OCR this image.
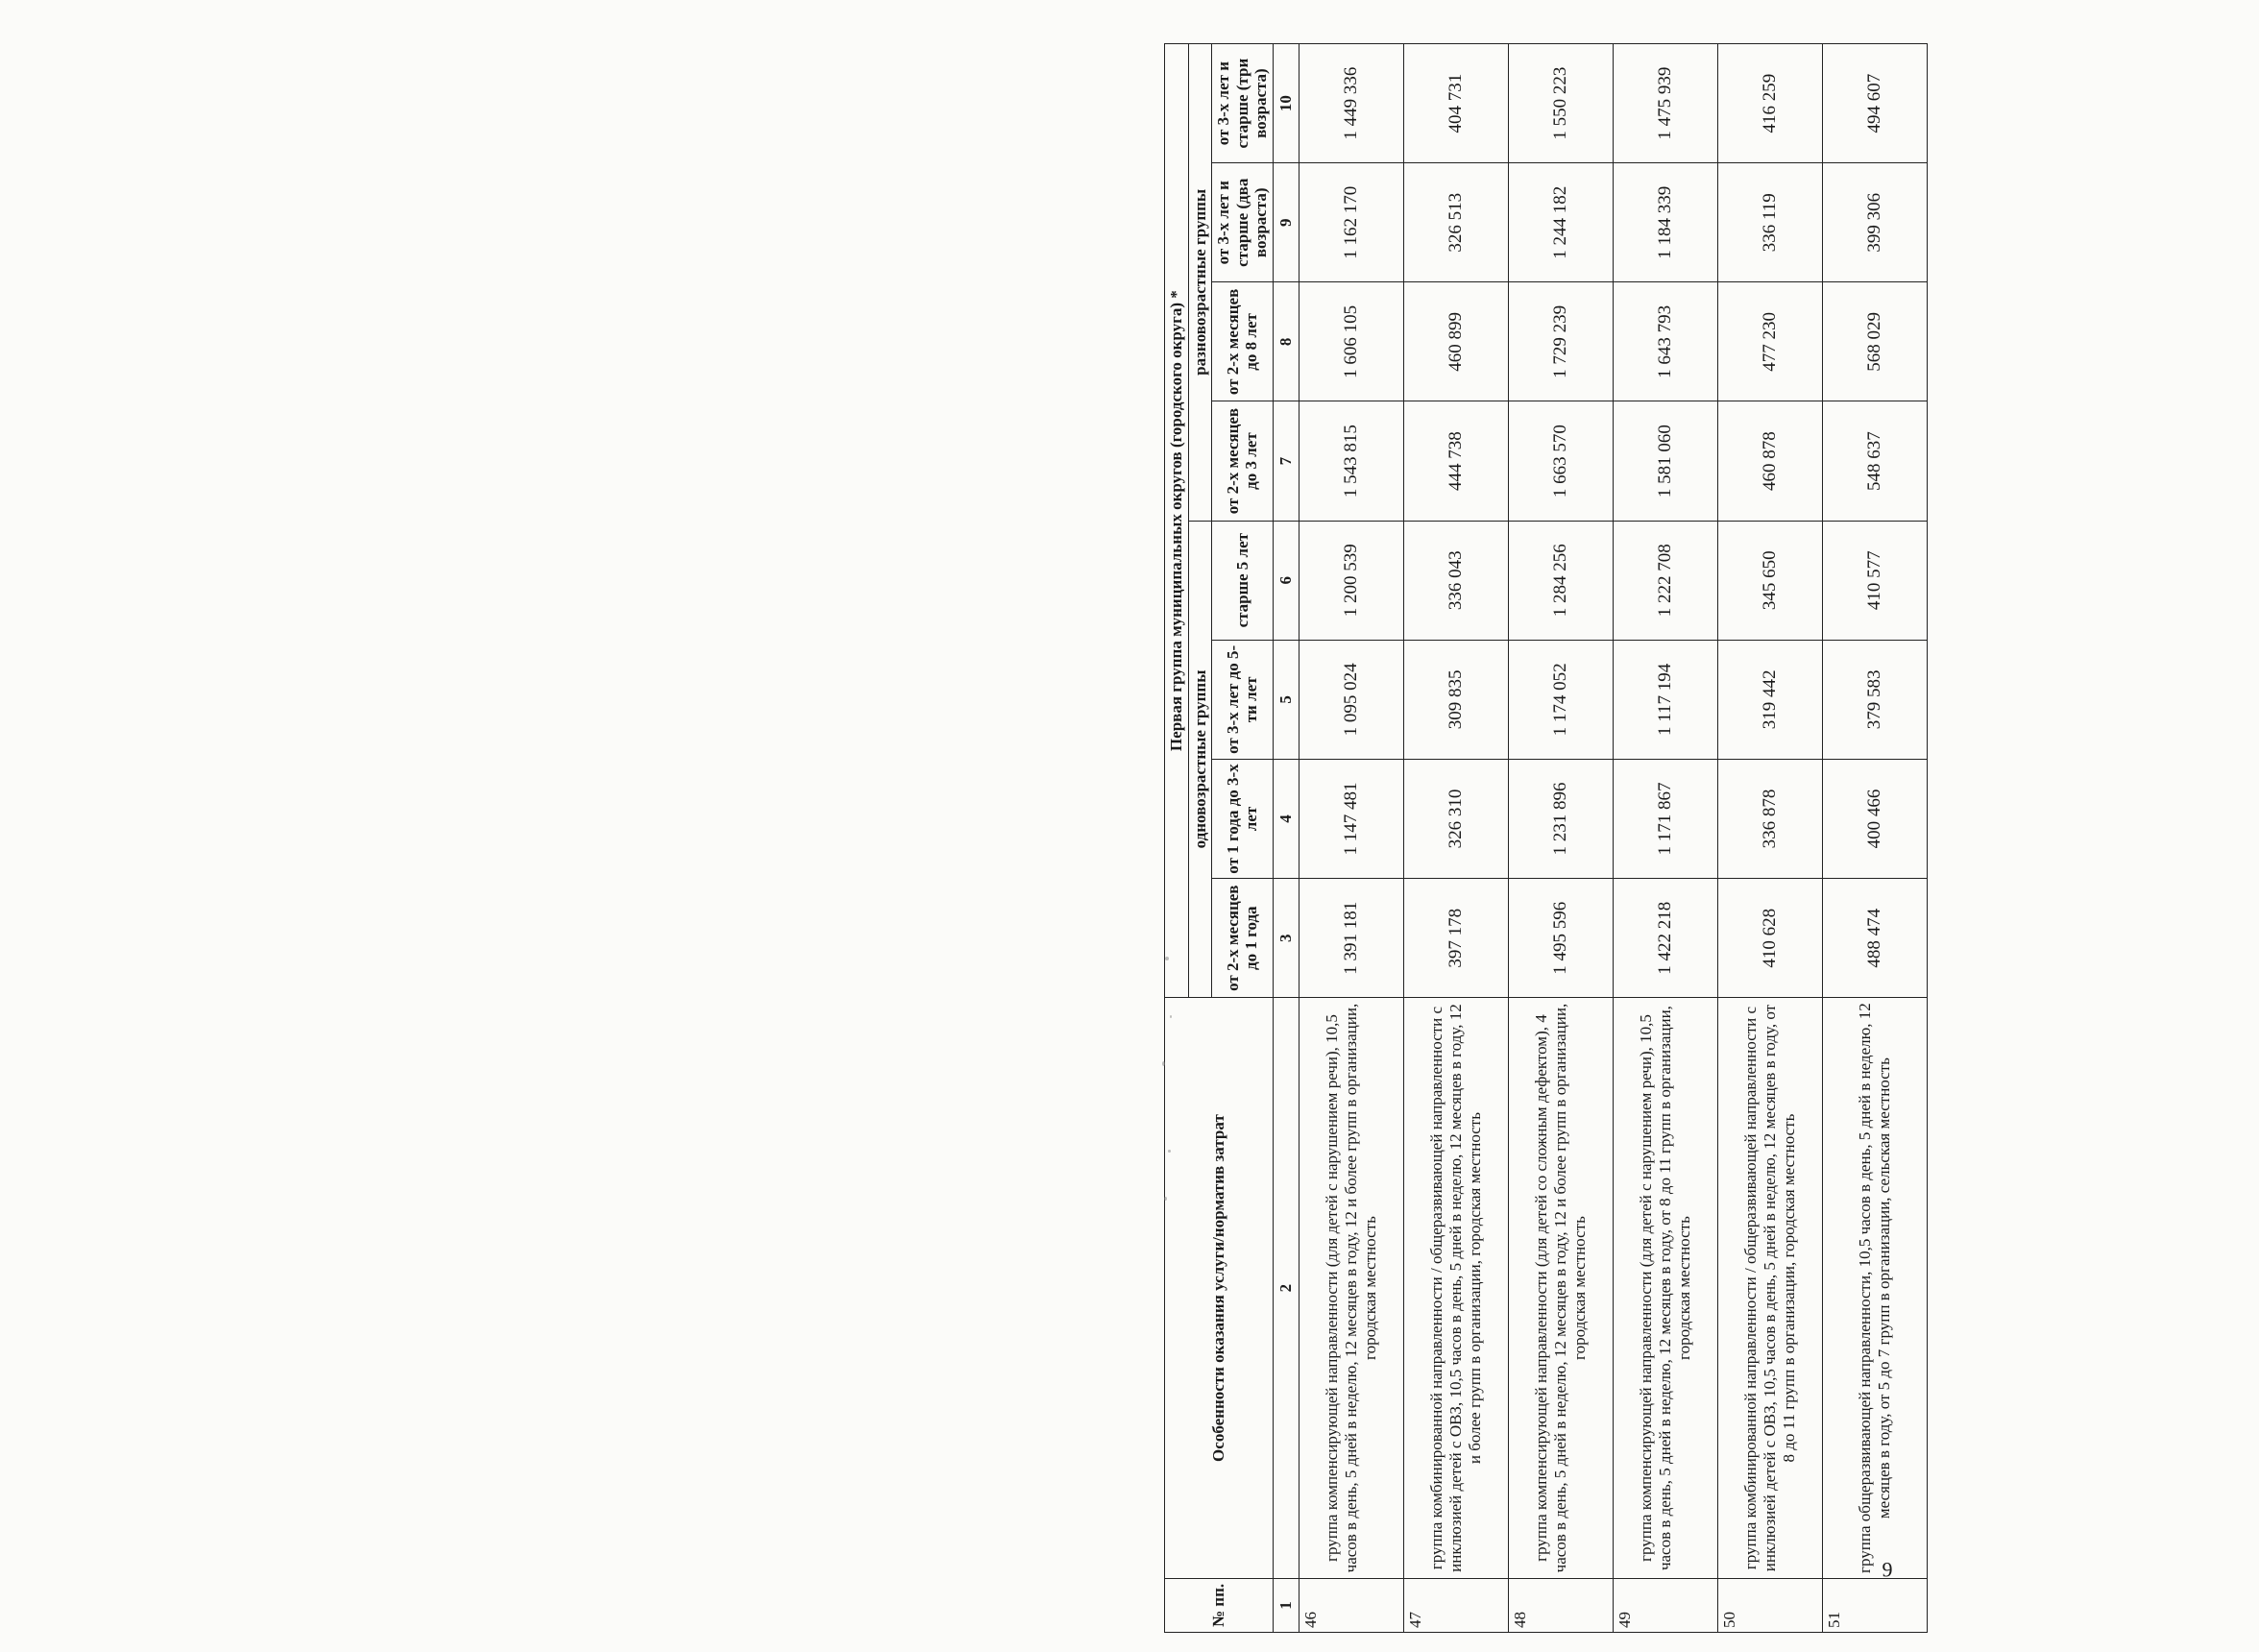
№ пп.	Особенности оказания услуги/норматив затрат	Первая группа муниципальных округов (городского округа) *							
		одновозрастные группы				разновозрастные группы			
		от 2-х месяцев до 1 года	от 1 года до 3-х лет	от 3-х лет до 5-ти лет	старше 5 лет	от 2-х месяцев до 3 лет	от 2-х месяцев до 8 лет	от 3-х лет и старше (два возраста)	от 3-х лет и старше (три возраста)
1	2	3	4	5	6	7	8	9	10
46	группа компенсирующей направленности (для детей с нарушением речи), 10,5 часов в день, 5 дней в неделю, 12 месяцев в году, 12 и более групп в организации, городская местность	1 391 181	1 147 481	1 095 024	1 200 539	1 543 815	1 606 105	1 162 170	1 449 336
47	группа комбинированной направленности / общеразвивающей направленности с инклюзией детей с ОВЗ, 10,5 часов в день, 5 дней в неделю, 12 месяцев в году, 12 и более групп в организации, городская местность	397 178	326 310	309 835	336 043	444 738	460 899	326 513	404 731
48	группа компенсирующей направленности (для детей со сложным дефектом), 4 часов в день, 5 дней в неделю, 12 месяцев в году, 12 и более групп в организации, городская местность	1 495 596	1 231 896	1 174 052	1 284 256	1 663 570	1 729 239	1 244 182	1 550 223
49	группа компенсирующей направленности (для детей с нарушением речи), 10,5 часов в день, 5 дней в неделю, 12 месяцев в году, от 8 до 11 групп в организации, городская местность	1 422 218	1 171 867	1 117 194	1 222 708	1 581 060	1 643 793	1 184 339	1 475 939
50	группа комбинированной направленности / общеразвивающей направленности с инклюзией детей с ОВЗ, 10,5 часов в день, 5 дней в неделю, 12 месяцев в году, от 8 до 11 групп в организации, городская местность	410 628	336 878	319 442	345 650	460 878	477 230	336 119	416 259
51	группа общеразвивающей направленности, 10,5 часов в день, 5 дней в неделю, 12 месяцев в году, от 5 до 7 групп в организации, сельская местность	488 474	400 466	379 583	410 577	548 637	568 029	399 306	494 607
9
